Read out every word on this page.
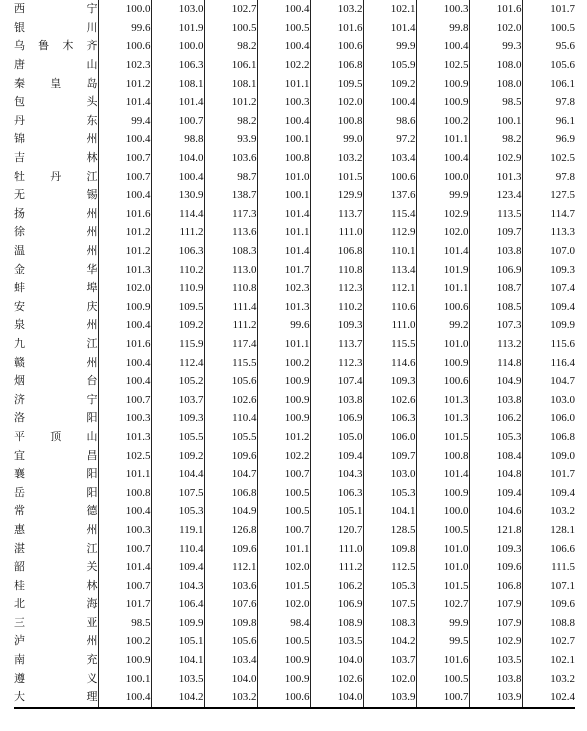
西宁	100.0	103.0	102.7	100.4	103.2	102.1	100.3	101.6	101.7
银川	99.6	101.9	100.5	100.5	101.6	101.4	99.8	102.0	100.5
乌鲁木齐	100.6	100.0	98.2	100.4	100.6	99.9	100.4	99.3	95.6
唐山	102.3	106.3	106.1	102.2	106.8	105.9	102.5	108.0	105.6
秦皇岛	101.2	108.1	108.1	101.1	109.5	109.2	100.9	108.0	106.1
包头	101.4	101.4	101.2	100.3	102.0	100.4	100.9	98.5	97.8
丹东	99.4	100.7	98.2	100.4	100.8	98.6	100.2	100.1	96.1
锦州	100.4	98.8	93.9	100.1	99.0	97.2	101.1	98.2	96.9
吉林	100.7	104.0	103.6	100.8	103.2	103.4	100.4	102.9	102.5
牡丹江	100.7	100.4	98.7	101.0	101.5	100.6	100.0	101.3	97.8
无锡	100.4	130.9	138.7	100.1	129.9	137.6	99.9	123.4	127.5
扬州	101.6	114.4	117.3	101.4	113.7	115.4	102.9	113.5	114.7
徐州	101.2	111.2	113.6	101.1	111.0	112.9	102.0	109.7	113.3
温州	101.2	106.3	108.3	101.4	106.8	110.1	101.4	103.8	107.0
金华	101.3	110.2	113.0	101.7	110.8	113.4	101.9	106.9	109.3
蚌埠	102.0	110.9	110.8	102.3	112.3	112.1	101.1	108.7	107.4
安庆	100.9	109.5	111.4	101.3	110.2	110.6	100.6	108.5	109.4
泉州	100.4	109.2	111.2	99.6	109.3	111.0	99.2	107.3	109.9
九江	101.6	115.9	117.4	101.1	113.7	115.5	101.0	113.2	115.6
赣州	100.4	112.4	115.5	100.2	112.3	114.6	100.9	114.8	116.4
烟台	100.4	105.2	105.6	100.9	107.4	109.3	100.6	104.9	104.7
济宁	100.7	103.7	102.6	100.9	103.8	102.6	101.3	103.8	103.0
洛阳	100.3	109.3	110.4	100.9	106.9	106.3	101.3	106.2	106.0
平顶山	101.3	105.5	105.5	101.2	105.0	106.0	101.5	105.3	106.8
宜昌	102.5	109.2	109.6	102.2	109.4	109.7	100.8	108.4	109.0
襄阳	101.1	104.4	104.7	100.7	104.3	103.0	101.4	104.8	101.7
岳阳	100.8	107.5	106.8	100.5	106.3	105.3	100.9	109.4	109.4
常德	100.4	105.3	104.9	100.5	105.1	104.1	100.0	104.6	103.2
惠州	100.3	119.1	126.8	100.7	120.7	128.5	100.5	121.8	128.1
湛江	100.7	110.4	109.6	101.1	111.0	109.8	101.0	109.3	106.6
韶关	101.4	109.4	112.1	102.0	111.2	112.5	101.0	109.6	111.5
桂林	100.7	104.3	103.6	101.5	106.2	105.3	101.5	106.8	107.1
北海	101.7	106.4	107.6	102.0	106.9	107.5	102.7	107.9	109.6
三亚	98.5	109.9	109.8	98.4	108.9	108.3	99.9	107.9	108.8
泸州	100.2	105.1	105.6	100.5	103.5	104.2	99.5	102.9	102.7
南充	100.9	104.1	103.4	100.9	104.0	103.7	101.6	103.5	102.1
遵义	100.1	103.5	104.0	100.9	102.6	102.0	100.5	103.8	103.2
大理	100.4	104.2	103.2	100.6	104.0	103.9	100.7	103.9	102.4
